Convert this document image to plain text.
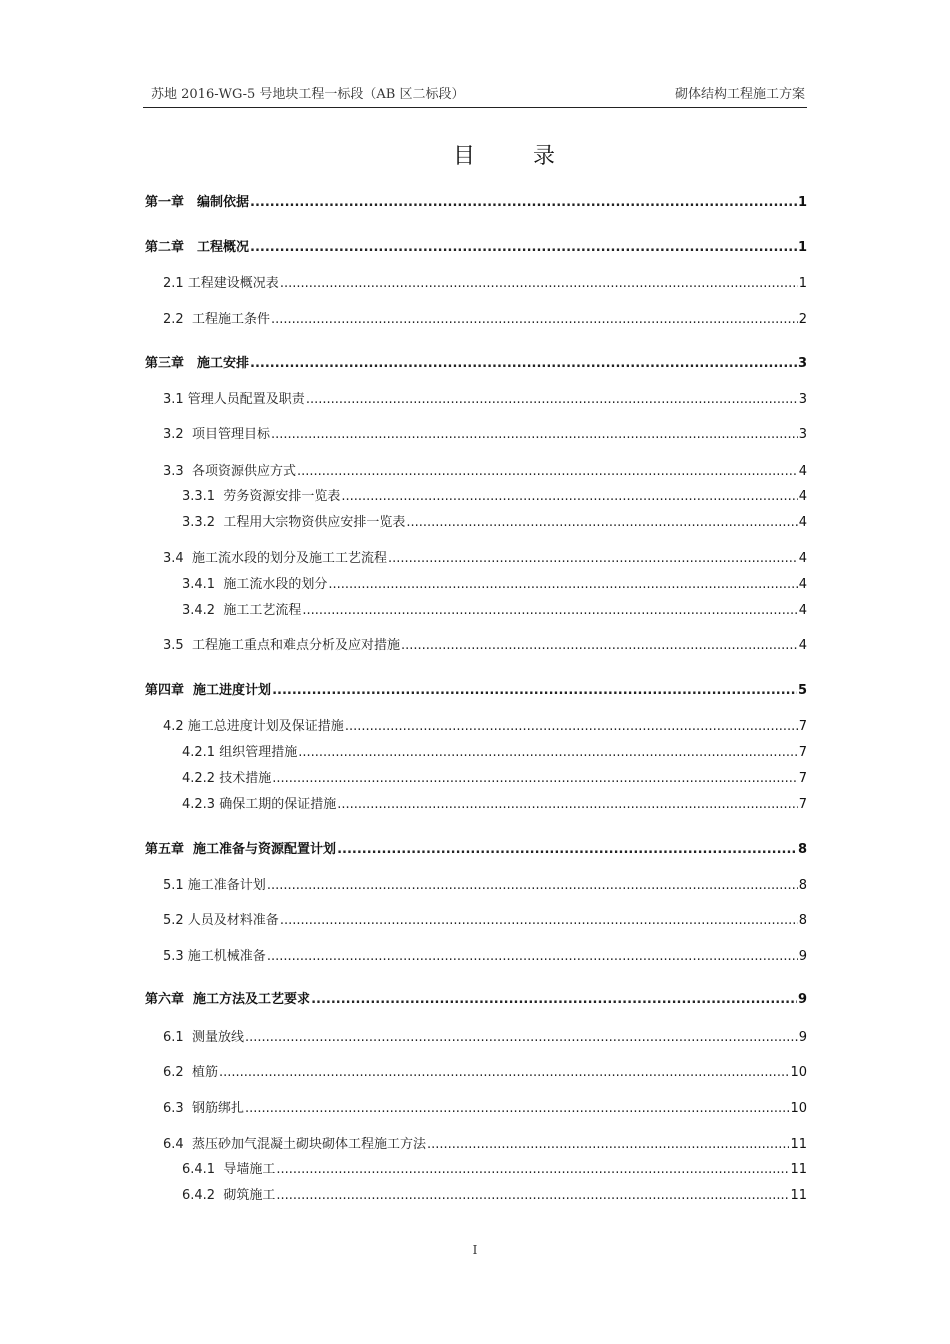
苏地 2016-WG-5 号地块工程一标段（AB 区二标段）	砌体结构工程施工方案
目录
第一章　编制依据 .....	1
第二章　工程概况 .....	1
2.1 工程建设概况表 .....	1
2.2  工程施工条件 .....	2
第三章　施工安排 .....	3
3.1 管理人员配置及职责 .....	3
3.2  项目管理目标 .....	3
3.3  各项资源供应方式 .....	4
3.3.1  劳务资源安排一览表 .....	4
3.3.2  工程用大宗物资供应安排一览表 .....	4
3.4  施工流水段的划分及施工工艺流程 .....	4
3.4.1  施工流水段的划分 .....	4
3.4.2  施工工艺流程 .....	4
3.5  工程施工重点和难点分析及应对措施 .....	4
第四章  施工进度计划 .....	5
4.2 施工总进度计划及保证措施 .....	7
4.2.1 组织管理措施 .....	7
4.2.2 技术措施 .....	7
4.2.3 确保工期的保证措施 .....	7
第五章  施工准备与资源配置计划 .....	8
5.1 施工准备计划 .....	8
5.2 人员及材料准备 .....	8
5.3 施工机械准备 .....	9
第六章  施工方法及工艺要求 .....	9
6.1  测量放线 .....	9
6.2  植筋 .....	10
6.3  钢筋绑扎 .....	10
6.4  蒸压砂加气混凝土砌块砌体工程施工方法 .....	11
6.4.1  导墙施工 .....	11
6.4.2  砌筑施工 .....	11
I
